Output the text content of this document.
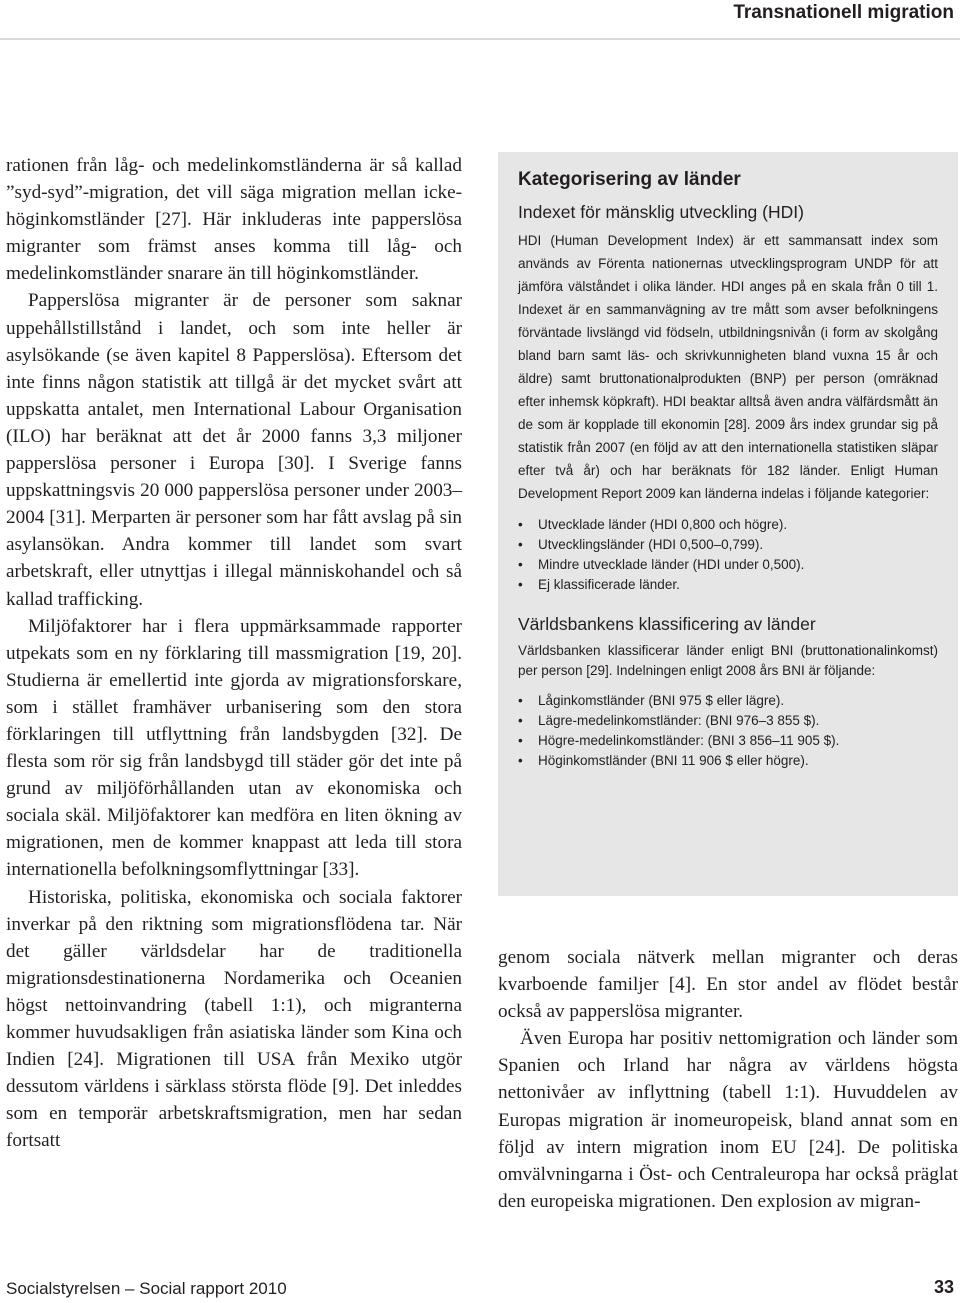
Transnationell migration

rationen från låg- och medelinkomstländerna är så kallad ”syd-syd”-migration, det vill säga migration mellan icke-höginkomstländer [27]. Här inkluderas inte papperslösa migranter som främst anses komma till låg- och medelinkomstländer snarare än till höginkomstländer.

Papperslösa migranter är de personer som saknar uppehållstillstånd i landet, och som inte heller är asylsökande (se även kapitel 8 Papperslösa). Eftersom det inte finns någon statistik att tillgå är det mycket svårt att uppskatta antalet, men International Labour Organisation (ILO) har beräknat att det år 2000 fanns 3,3 miljoner papperslösa personer i Europa [30]. I Sverige fanns uppskattningsvis 20 000 papperslösa personer under 2003–2004 [31]. Merparten är personer som har fått avslag på sin asylansökan. Andra kommer till landet som svart arbetskraft, eller utnyttjas i illegal människohandel och så kallad trafficking.

Miljöfaktorer har i flera uppmärksammade rapporter utpekats som en ny förklaring till massmigration [19, 20]. Studierna är emellertid inte gjorda av migrationsforskare, som i stället framhäver urbanisering som den stora förklaringen till utflyttning från landsbygden [32]. De flesta som rör sig från landsbygd till städer gör det inte på grund av miljöförhållanden utan av ekonomiska och sociala skäl. Miljöfaktorer kan medföra en liten ökning av migrationen, men de kommer knappast att leda till stora internationella befolkningsomflyttningar [33].

Historiska, politiska, ekonomiska och sociala faktorer inverkar på den riktning som migrationsflödena tar. När det gäller världsdelar har de traditionella migrationsdestinationerna Nordamerika och Oceanien högst nettoinvandring (tabell 1:1), och migranterna kommer huvudsakligen från asiatiska länder som Kina och Indien [24]. Migrationen till USA från Mexiko utgör dessutom världens i särklass största flöde [9]. Det inleddes som en temporär arbetskraftsmigration, men har sedan fortsatt

Kategorisering av länder
Indexet för mänsklig utveckling (HDI)

HDI (Human Development Index) är ett sammansatt index som används av Förenta nationernas utvecklingsprogram UNDP för att jämföra välståndet i olika länder. HDI anges på en skala från 0 till 1. Indexet är en sammanvägning av tre mått som avser befolkningens förväntade livslängd vid födseln, utbildningsnivån (i form av skolgång bland barn samt läs- och skrivkunnigheten bland vuxna 15 år och äldre) samt bruttonationalprodukten (BNP) per person (omräknad efter inhemsk köpkraft). HDI beaktar alltså även andra välfärdsmått än de som är kopplade till ekonomin [28]. 2009 års index grundar sig på statistik från 2007 (en följd av att den internationella statistiken släpar efter två år) och har beräknats för 182 länder. Enligt Human Development Report 2009 kan länderna indelas i följande kategorier:

• Utvecklade länder (HDI 0,800 och högre).
• Utvecklingsländer (HDI 0,500–0,799).
• Mindre utvecklade länder (HDI under 0,500).
• Ej klassificerade länder.
Världsbankens klassificering av länder

Världsbanken klassificerar länder enligt BNI (bruttonationalinkomst) per person [29]. Indelningen enligt 2008 års BNI är följande:

• Låginkomstländer (BNI 975 $ eller lägre).
• Lägre-medelinkomstländer: (BNI 976–3 855 $).
• Högre-medelinkomstländer: (BNI 3 856–11 905 $).
• Höginkomstländer (BNI 11 906 $ eller högre).

genom sociala nätverk mellan migranter och deras kvarboende familjer [4]. En stor andel av flödet består också av papperslösa migranter.

Även Europa har positiv nettomigration och länder som Spanien och Irland har några av världens högsta nettonivåer av inflyttning (tabell 1:1). Huvuddelen av Europas migration är inomeuropeisk, bland annat som en följd av intern migration inom EU [24]. De politiska omvälvningarna i Öst- och Centraleuropa har också präglat den europeiska migrationen. Den explosion av migran-

Socialstyrelsen – Social rapport 2010	33
